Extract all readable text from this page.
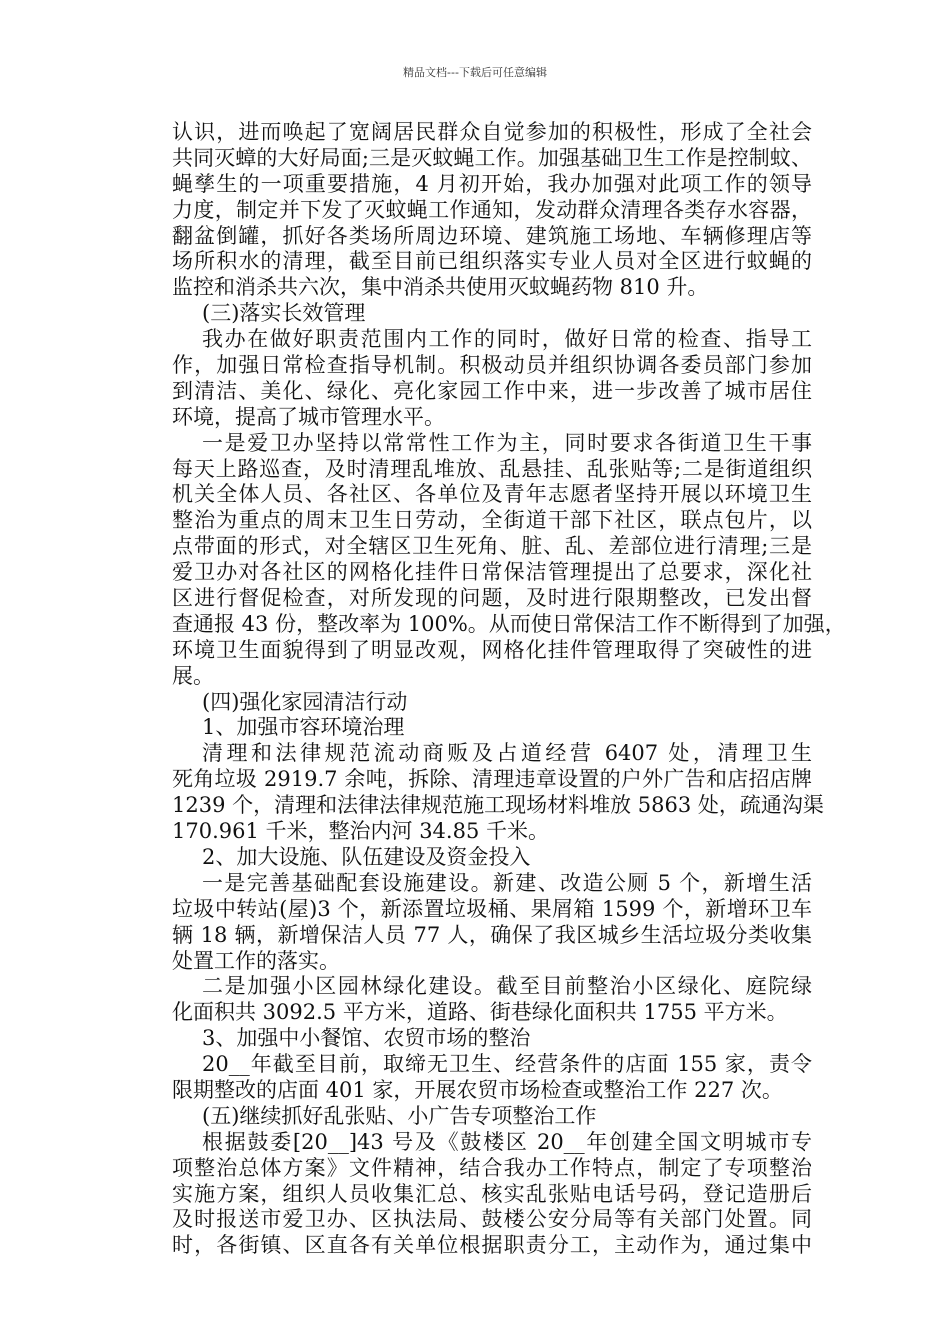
精品文档---下载后可任意编辑
认识，进而唤起了宽阔居民群众自觉参加的积极性，形成了全社会
共同灭蟑的大好局面;三是灭蚊蝇工作。加强基础卫生工作是控制蚊、
蝇孳生的一项重要措施，4 月初开始，我办加强对此项工作的领导
力度，制定并下发了灭蚊蝇工作通知，发动群众清理各类存水容器，
翻盆倒罐，抓好各类场所周边环境、建筑施工场地、车辆修理店等
场所积水的清理，截至目前已组织落实专业人员对全区进行蚊蝇的
监控和消杀共六次，集中消杀共使用灭蚊蝇药物 810 升。
(三)落实长效管理
我办在做好职责范围内工作的同时，做好日常的检查、指导工
作，加强日常检查指导机制。积极动员并组织协调各委员部门参加
到清洁、美化、绿化、亮化家园工作中来，进一步改善了城市居住
环境，提高了城市管理水平。
一是爱卫办坚持以常常性工作为主，同时要求各街道卫生干事
每天上路巡查，及时清理乱堆放、乱悬挂、乱张贴等;二是街道组织
机关全体人员、各社区、各单位及青年志愿者坚持开展以环境卫生
整治为重点的周末卫生日劳动，全街道干部下社区，联点包片，以
点带面的形式，对全辖区卫生死角、脏、乱、差部位进行清理;三是
爱卫办对各社区的网格化挂件日常保洁管理提出了总要求，深化社
区进行督促检查，对所发现的问题，及时进行限期整改，已发出督
查通报 43 份，整改率为 100%。从而使日常保洁工作不断得到了加强，
环境卫生面貌得到了明显改观，网格化挂件管理取得了突破性的进
展。
(四)强化家园清洁行动
1、加强市容环境治理
清理和法律规范流动商贩及占道经营 6407 处，清理卫生
死角垃圾 2919.7 余吨，拆除、清理违章设置的户外广告和店招店牌
1239 个，清理和法律法律规范施工现场材料堆放 5863 处，疏通沟渠
170.961 千米，整治内河 34.85 千米。
2、加大设施、队伍建设及资金投入
一是完善基础配套设施建设。新建、改造公厕 5 个，新增生活
垃圾中转站(屋)3 个，新添置垃圾桶、果屑箱 1599 个，新增环卫车
辆 18 辆，新增保洁人员 77 人，确保了我区城乡生活垃圾分类收集
处置工作的落实。
二是加强小区园林绿化建设。截至目前整治小区绿化、庭院绿
化面积共 3092.5 平方米，道路、街巷绿化面积共 1755 平方米。
3、加强中小餐馆、农贸市场的整治
20__年截至目前，取缔无卫生、经营条件的店面 155 家，责令
限期整改的店面 401 家，开展农贸市场检查或整治工作 227 次。
(五)继续抓好乱张贴、小广告专项整治工作
根据鼓委[20__]43 号及《鼓楼区 20__年创建全国文明城市专
项整治总体方案》文件精神，结合我办工作特点，制定了专项整治
实施方案，组织人员收集汇总、核实乱张贴电话号码，登记造册后
及时报送市爱卫办、区执法局、鼓楼公安分局等有关部门处置。同
时，各街镇、区直各有关单位根据职责分工，主动作为，通过集中
